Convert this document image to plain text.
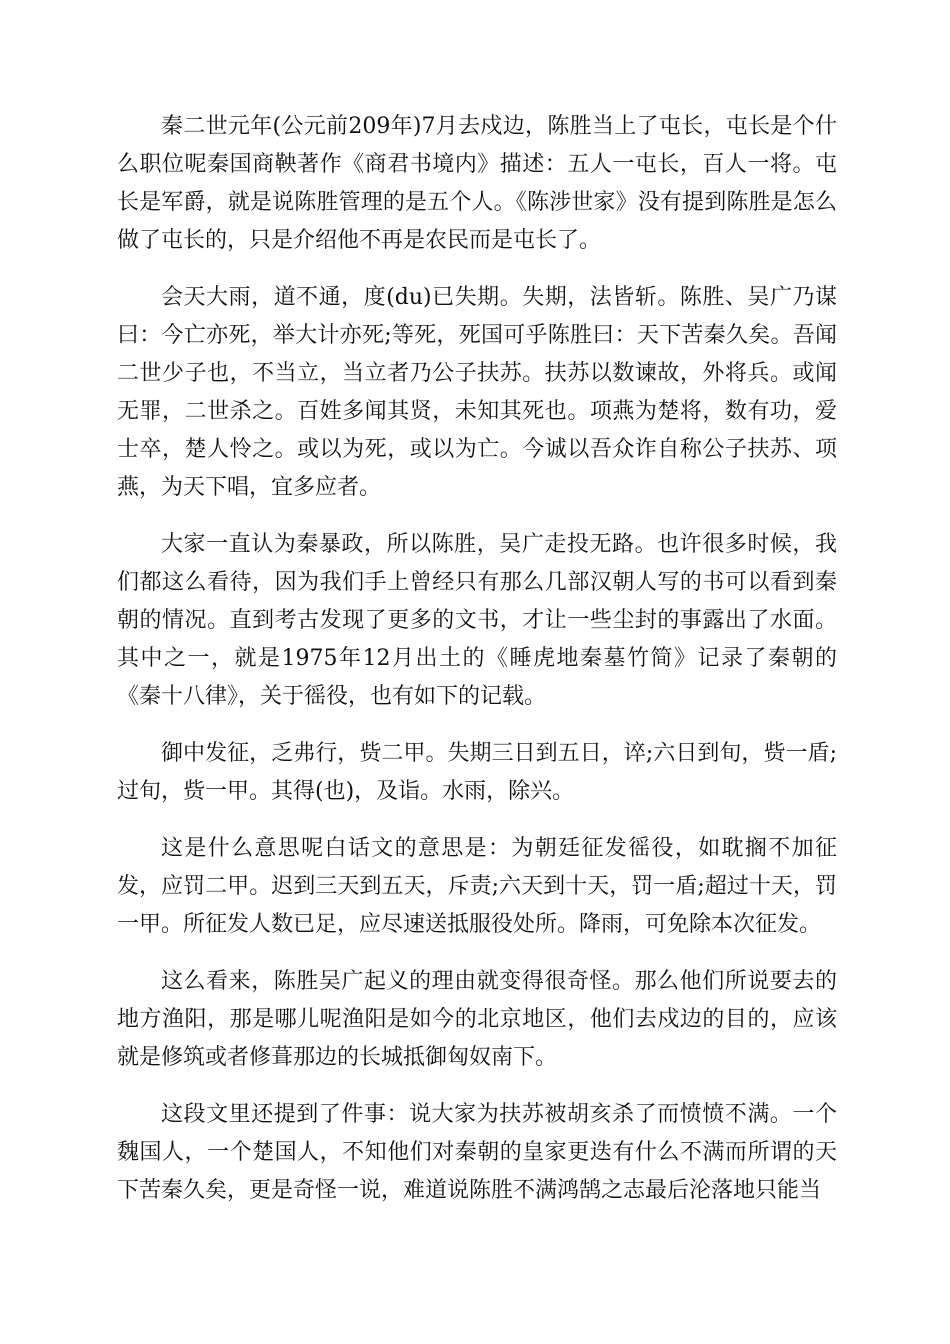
秦二世元年(公元前209年)7月去戍边，陈胜当上了屯长，屯长是个什么职位呢秦国商鞅著作《商君书境内》描述：五人一屯长，百人一将。屯长是军爵，就是说陈胜管理的是五个人。《陈涉世家》没有提到陈胜是怎么做了屯长的，只是介绍他不再是农民而是屯长了。

会天大雨，道不通，度(du)已失期。失期，法皆斩。陈胜、吴广乃谋曰：今亡亦死，举大计亦死;等死，死国可乎陈胜曰：天下苦秦久矣。吾闻二世少子也，不当立，当立者乃公子扶苏。扶苏以数谏故，外将兵。或闻无罪，二世杀之。百姓多闻其贤，未知其死也。项燕为楚将，数有功，爱士卒，楚人怜之。或以为死，或以为亡。今诚以吾众诈自称公子扶苏、项燕，为天下唱，宜多应者。

大家一直认为秦暴政，所以陈胜，吴广走投无路。也许很多时候，我们都这么看待，因为我们手上曾经只有那么几部汉朝人写的书可以看到秦朝的情况。直到考古发现了更多的文书，才让一些尘封的事露出了水面。其中之一，就是1975年12月出土的《睡虎地秦墓竹简》记录了秦朝的《秦十八律》，关于徭役，也有如下的记载。

御中发征，乏弗行，赀二甲。失期三日到五日，谇;六日到旬，赀一盾;过旬，赀一甲。其得(也)，及诣。水雨，除兴。

这是什么意思呢白话文的意思是：为朝廷征发徭役，如耽搁不加征发，应罚二甲。迟到三天到五天，斥责;六天到十天，罚一盾;超过十天，罚一甲。所征发人数已足，应尽速送抵服役处所。降雨，可免除本次征发。

这么看来，陈胜吴广起义的理由就变得很奇怪。那么他们所说要去的地方渔阳，那是哪儿呢渔阳是如今的北京地区，他们去戍边的目的，应该就是修筑或者修葺那边的长城抵御匈奴南下。

这段文里还提到了件事：说大家为扶苏被胡亥杀了而愤愤不满。一个魏国人，一个楚国人，不知他们对秦朝的皇家更迭有什么不满而所谓的天下苦秦久矣，更是奇怪一说，难道说陈胜不满鸿鹄之志最后沦落地只能当
